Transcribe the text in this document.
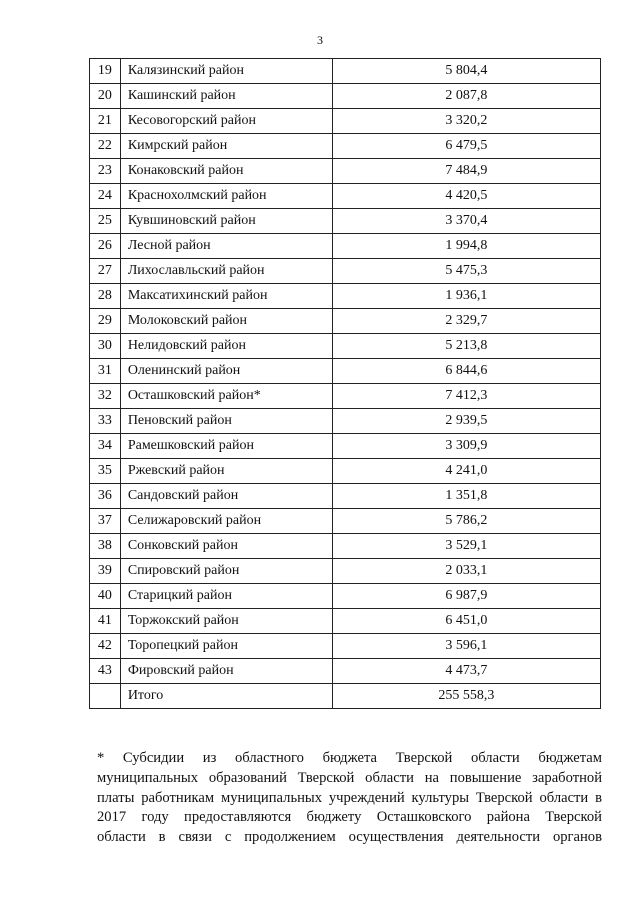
3
19	Калязинский район	5 804,4
20	Кашинский район	2 087,8
21	Кесовогорский район	3 320,2
22	Кимрский район	6 479,5
23	Конаковский район	7 484,9
24	Краснохолмский район	4 420,5
25	Кувшиновский район	3 370,4
26	Лесной район	1 994,8
27	Лихославльский район	5 475,3
28	Максатихинский район	1 936,1
29	Молоковский район	2 329,7
30	Нелидовский район	5 213,8
31	Оленинский район	6 844,6
32	Осташковский район*	7 412,3
33	Пеновский район	2 939,5
34	Рамешковский район	3 309,9
35	Ржевский район	4 241,0
36	Сандовский район	1 351,8
37	Селижаровский район	5 786,2
38	Сонковский район	3 529,1
39	Спировский район	2 033,1
40	Старицкий район	6 987,9
41	Торжокский район	6 451,0
42	Торопецкий район	3 596,1
43	Фировский район	4 473,7
	Итого	255 558,3

* Субсидии из областного бюджета Тверской области бюджетам

муниципальных образований Тверской области на повышение заработной

платы работникам муниципальных учреждений культуры Тверской области в

2017 году предоставляются бюджету Осташковского района Тверской

области в связи с продолжением осуществления деятельности органов
